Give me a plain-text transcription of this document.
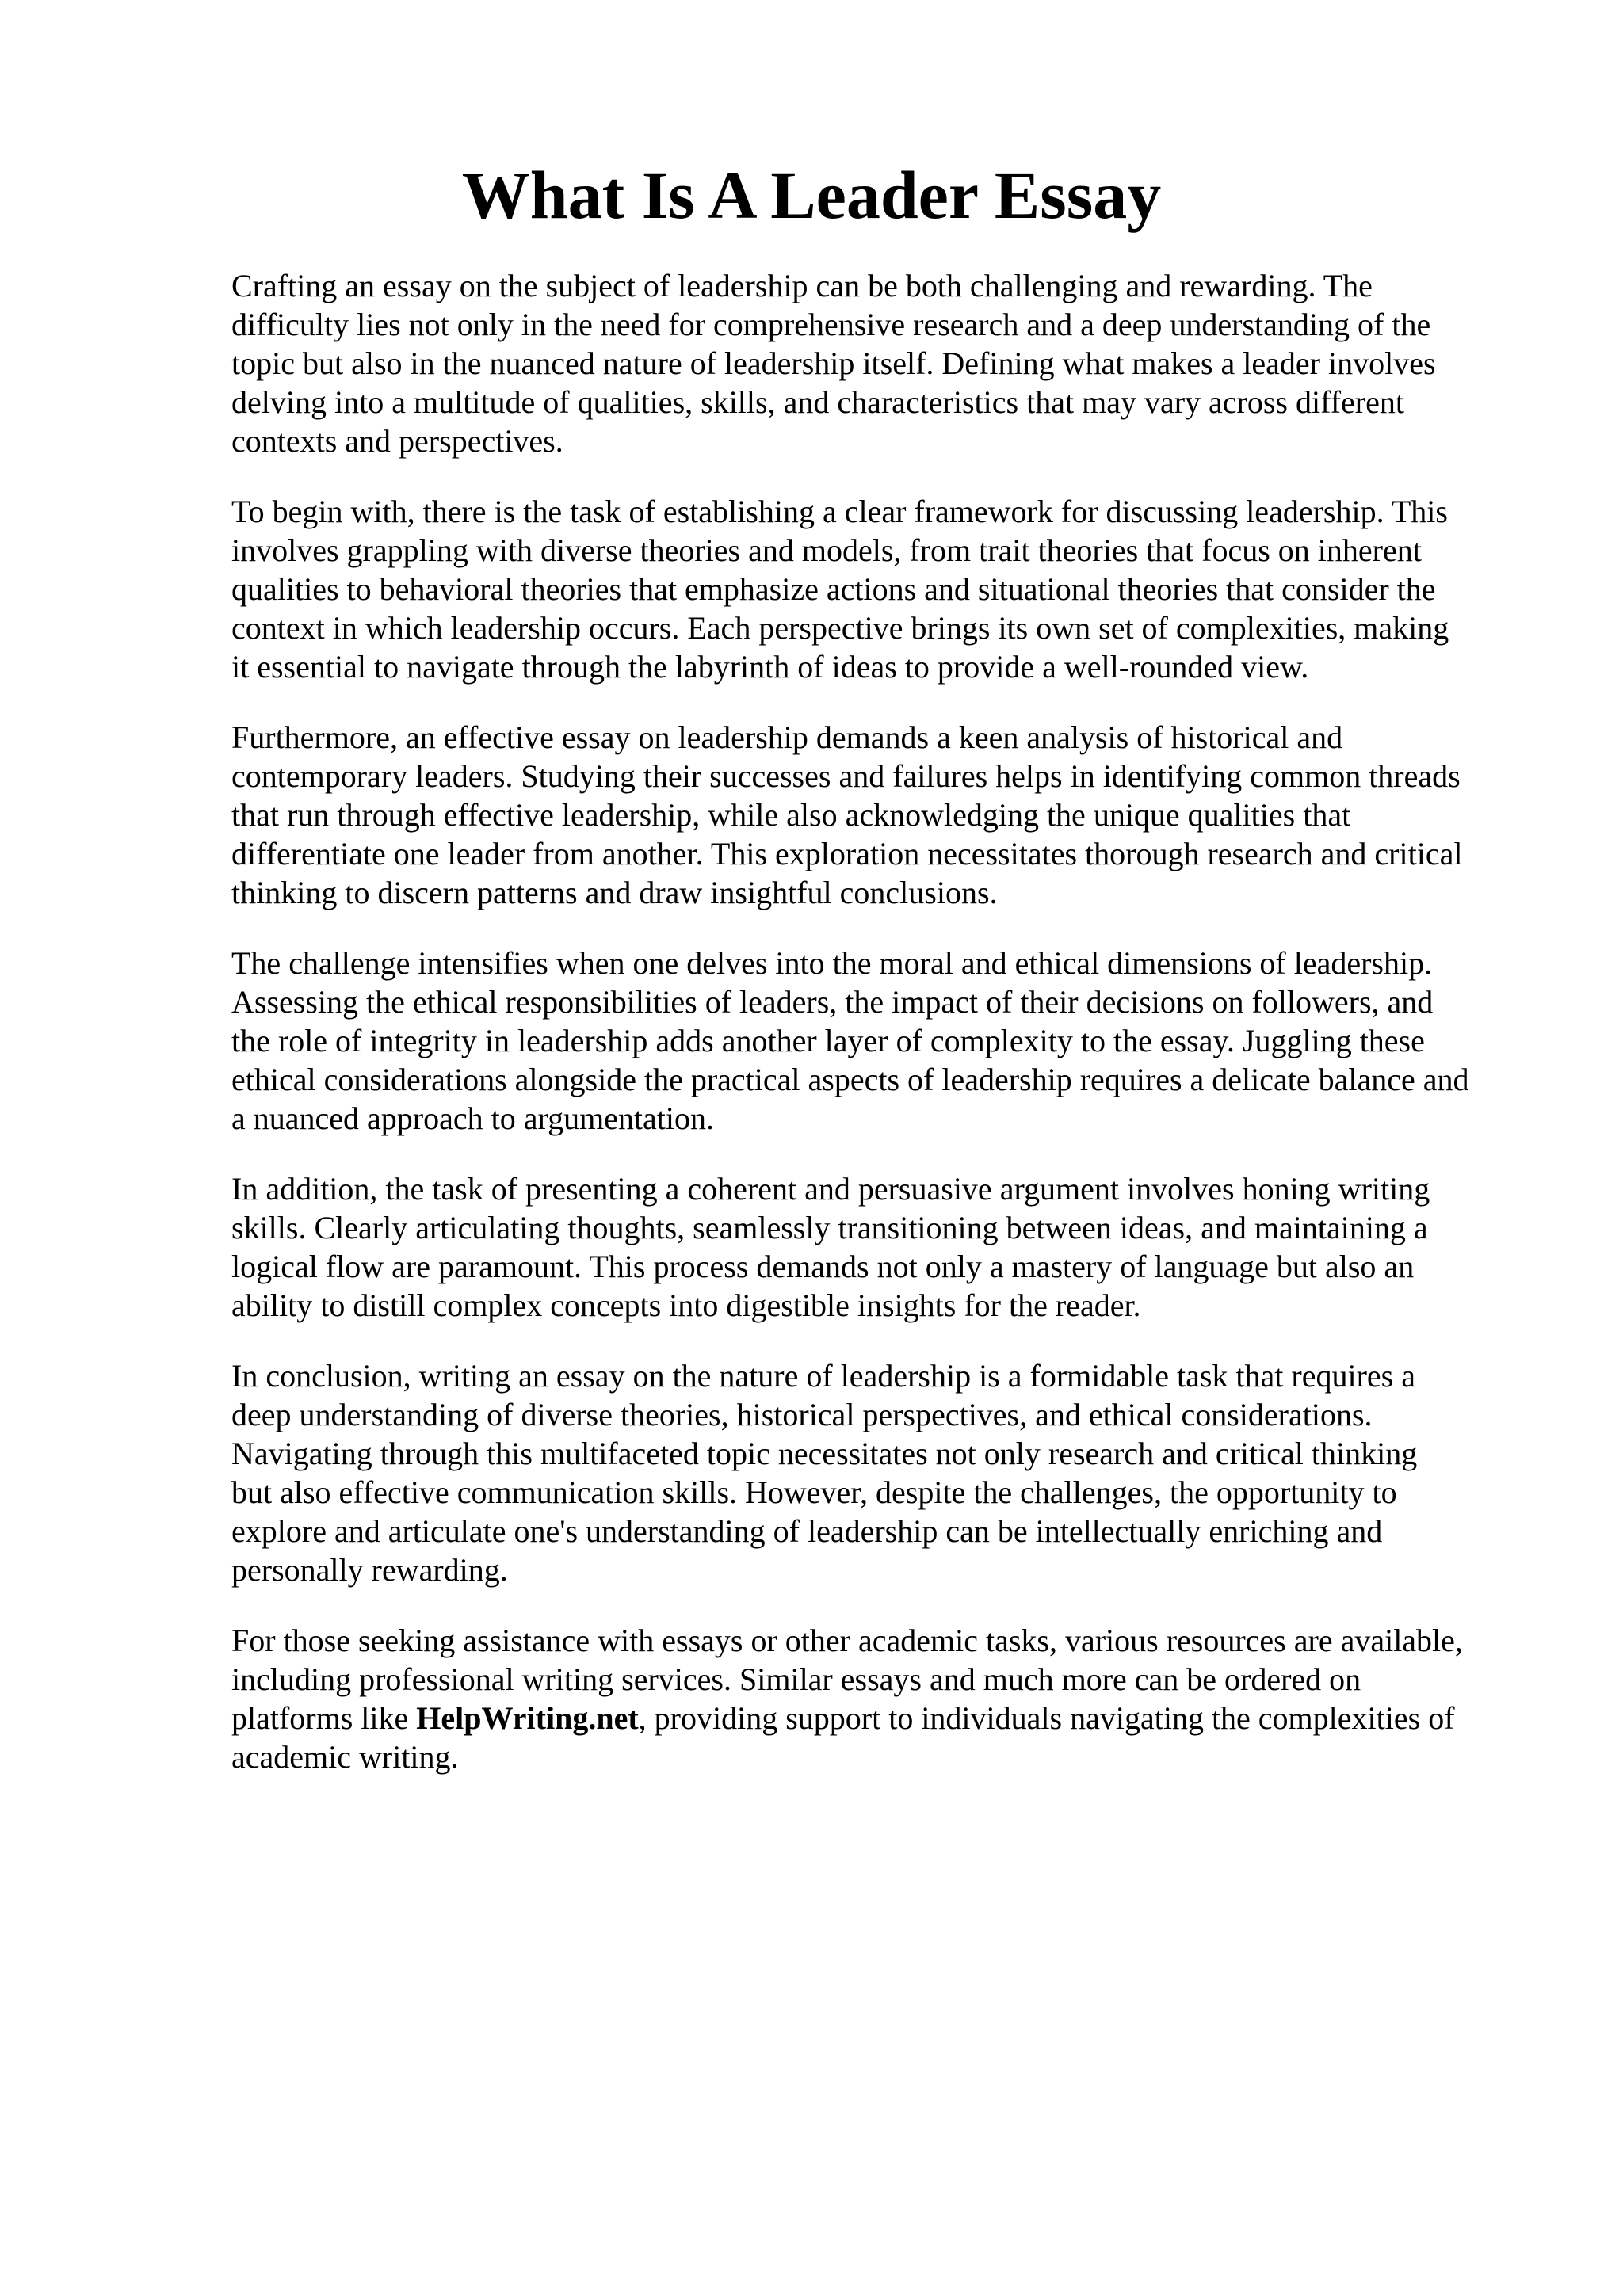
What Is A Leader Essay

Crafting an essay on the subject of leadership can be both challenging and rewarding. The
difficulty lies not only in the need for comprehensive research and a deep understanding of the
topic but also in the nuanced nature of leadership itself. Defining what makes a leader involves
delving into a multitude of qualities, skills, and characteristics that may vary across different
contexts and perspectives.

To begin with, there is the task of establishing a clear framework for discussing leadership. This
involves grappling with diverse theories and models, from trait theories that focus on inherent
qualities to behavioral theories that emphasize actions and situational theories that consider the
context in which leadership occurs. Each perspective brings its own set of complexities, making
it essential to navigate through the labyrinth of ideas to provide a well-rounded view.

Furthermore, an effective essay on leadership demands a keen analysis of historical and
contemporary leaders. Studying their successes and failures helps in identifying common threads
that run through effective leadership, while also acknowledging the unique qualities that
differentiate one leader from another. This exploration necessitates thorough research and critical
thinking to discern patterns and draw insightful conclusions.

The challenge intensifies when one delves into the moral and ethical dimensions of leadership.
Assessing the ethical responsibilities of leaders, the impact of their decisions on followers, and
the role of integrity in leadership adds another layer of complexity to the essay. Juggling these
ethical considerations alongside the practical aspects of leadership requires a delicate balance and
a nuanced approach to argumentation.

In addition, the task of presenting a coherent and persuasive argument involves honing writing
skills. Clearly articulating thoughts, seamlessly transitioning between ideas, and maintaining a
logical flow are paramount. This process demands not only a mastery of language but also an
ability to distill complex concepts into digestible insights for the reader.

In conclusion, writing an essay on the nature of leadership is a formidable task that requires a
deep understanding of diverse theories, historical perspectives, and ethical considerations.
Navigating through this multifaceted topic necessitates not only research and critical thinking
but also effective communication skills. However, despite the challenges, the opportunity to
explore and articulate one's understanding of leadership can be intellectually enriching and
personally rewarding.

For those seeking assistance with essays or other academic tasks, various resources are available,
including professional writing services. Similar essays and much more can be ordered on
platforms like HelpWriting.net, providing support to individuals navigating the complexities of
academic writing.
